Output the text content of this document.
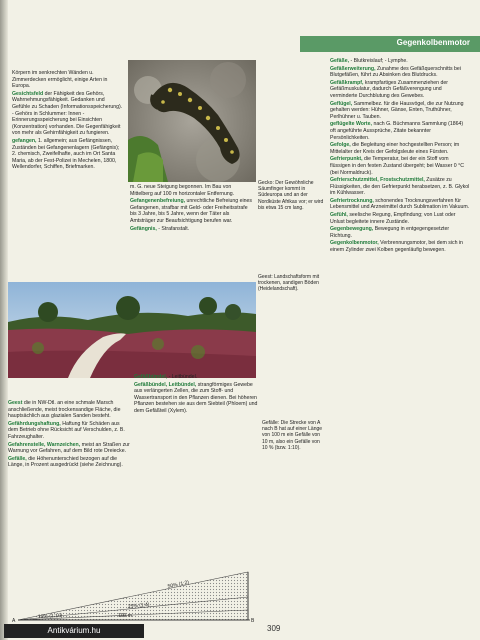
Gegenkolbenmotor

Körpern im senkrechten Wänden u. Zimmerdecken ermöglicht, einige Arten in Europa.

Gesichtsfeld der Fähigkeit des Gehörs, Wahrnehmungsfähigkeit. Gedanken und Gefühle zu Schaden (Informationsspeicherung). - Gehörs in Schlummer: Innen - Erinnerungsspeicherung bei Einsichten (Konzentration) vorhanden. Die Gegenfähigkeit von mehr als Gehirnfähigkeit zu fungieren.

gefangen, 1. allgemein; aus Gefängnissen, Zuständen bei Gefangenenlagern (Gefängnis); 2. chemisch, Zweifelhafte, auch im Ort Santa Maria, ab der Fest-Polizei in Mechelen, 1800, Wellendorfer, Schiffen, Briefmarken.

Gecko: Der Gewöhnliche Säumfinger kommt in Südeuropa und an der Nordküste Afrikas vor; er wird bis etwa 15 cm lang.

m. G. neue Steigung begonnen. Im Bau von Mittelberg auf 100 m horizontaler Entfernung.

Gefangenenbefreiung, unrechtliche Befreiung eines Gefangenen, strafbar mit Geld- oder Freiheitsstrafe bis 3 Jahre, bis 5 Jahre, wenn der Täter als Amtsträger zur Beaufsichtigung berufen war.

Gefängnis, - Strafanstalt.

Geest: Landschaftsform mit trockenen, sandigen Böden (Heidelandschaft).

Geest die in NW-Dtl. an eine schmale Marsch anschließende, meist trockensandige Fläche, die hauptsächlich aus glazialen Sanden besteht.

Gefährdungshaftung, Haftung für Schäden aus dem Betrieb ohne Rücksicht auf Verschulden, z. B. Fahrzeughalter.

Gefahrenstelle, Warnzeichen, meist an Straßen zur Warnung vor Gefahren, auf dem Bild rote Dreiecke.

Gefälle, die Höhenunterschied bezogen auf die Länge, in Prozent ausgedrückt (siehe Zeichnung).

Gefäßbündel, - Leitbündel.

Gefäßbündel, Leitbündel, strangförmiges Gewebe aus verlängerten Zellen, die zum Stoff- und Wassertransport in den Pflanzen dienen. Bei höheren Pflanzen bestehen sie aus dem Siebteil (Phloem) und dem Gefäßteil (Xylem).

Gefälle: Die Strecke von A nach B hat auf einer Länge von 100 m ein Gefälle von 10 m, also ein Gefälle von 10 % (bzw. 1:10).
50% (1:2)
25% (1:4)
10% (1:10)
A	B
100 m

Gefäße, - Blutkreislauf; - Lymphe.

Gefäßerweiterung, Zunahme des Gefäßquerschnitts bei Blutgefäßen, führt zu Absinken des Blutdrucks.

Gefäßkrampf, krampfartiges Zusammenziehen der Gefäßmuskulatur, dadurch Gefäßverengung und verminderte Durchblutung des Gewebes.

Geflügel, Sammelbez. für die Hausvögel, die zur Nutzung gehalten werden: Hühner, Gänse, Enten, Truthühner, Perlhühner u. Tauben.

geflügelte Worte, nach G. Büchmanns Sammlung (1864) oft angeführte Aussprüche, Zitate bekannter Persönlichkeiten.

Gefolge, die Begleitung einer hochgestellten Person; im Mittelalter der Kreis der Gefolgsleute eines Fürsten.

Gefrierpunkt, die Temperatur, bei der ein Stoff vom flüssigen in den festen Zustand übergeht; bei Wasser 0 °C (bei Normaldruck).

Gefrierschutzmittel, Frostschutzmittel, Zusätze zu Flüssigkeiten, die den Gefrierpunkt herabsetzen, z. B. Glykol im Kühlwasser.

Gefriertrocknung, schonendes Trocknungsverfahren für Lebensmittel und Arzneimittel durch Sublimation im Vakuum.

Gefühl, seelische Regung, Empfindung; von Lust oder Unlust begleitete innere Zustände.

Gegenbewegung, Bewegung in entgegengesetzter Richtung.

Gegenkolbenmotor, Verbrennungsmotor, bei dem sich in einem Zylinder zwei Kolben gegenläufig bewegen.

309
Antikvárium.hu
